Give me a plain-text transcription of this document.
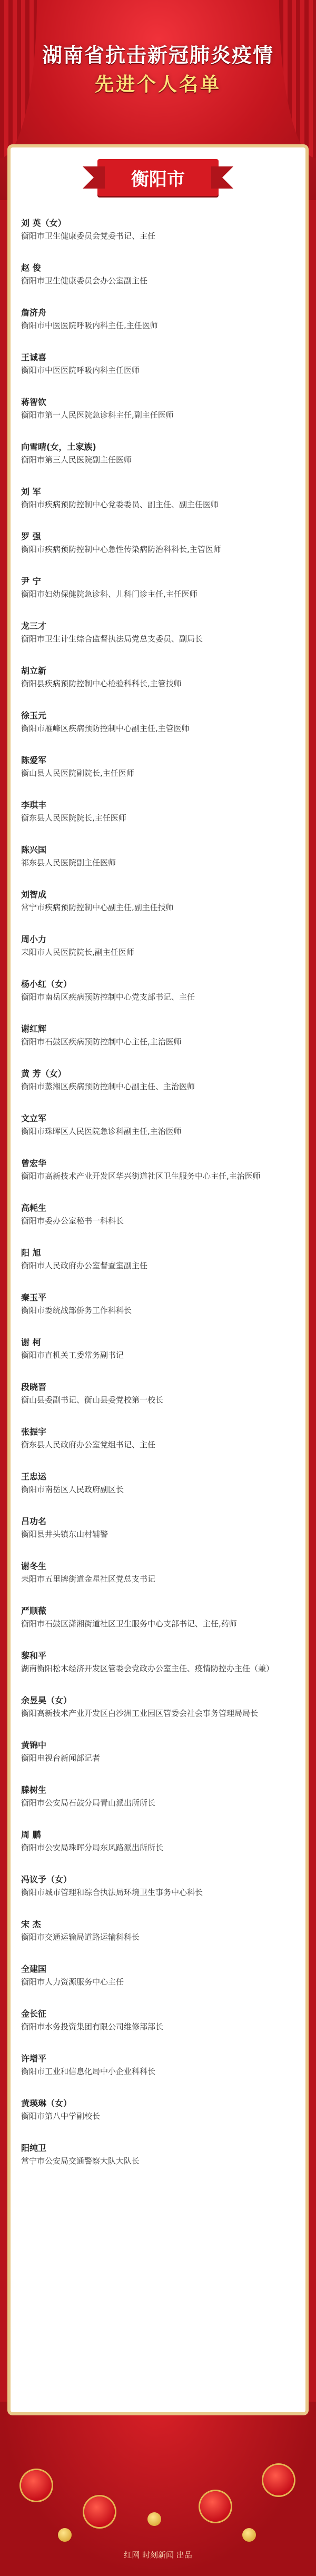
湖南省抗击新冠肺炎疫情
先进个人名单
衡阳市
刘 英（女）
衡阳市卫生健康委员会党委书记、主任
赵 俊
衡阳市卫生健康委员会办公室副主任
詹济舟
衡阳市中医医院呼吸内科主任,主任医师
王诚喜
衡阳市中医医院呼吸内科主任医师
蒋智钦
衡阳市第一人民医院急诊科主任,副主任医师
向雪晴(女，土家族)
衡阳市第三人民医院副主任医师
刘 军
衡阳市疾病预防控制中心党委委员、副主任、副主任医师
罗 强
衡阳市疾病预防控制中心急性传染病防治科科长,主管医师
尹 宁
衡阳市妇幼保健院急诊科、儿科门诊主任,主任医师
龙三才
衡阳市卫生计生综合监督执法局党总支委员、副局长
胡立新
衡阳县疾病预防控制中心检验科科长,主管技师
徐玉元
衡阳市雁峰区疾病预防控制中心副主任,主管医师
陈爱军
衡山县人民医院副院长,主任医师
李琪丰
衡东县人民医院院长,主任医师
陈兴国
祁东县人民医院副主任医师
刘智成
常宁市疾病预防控制中心副主任,副主任技师
周小力
耒阳市人民医院院长,副主任医师
杨小红（女）
衡阳市南岳区疾病预防控制中心党支部书记、主任
谢红辉
衡阳市石鼓区疾病预防控制中心主任,主治医师
黄 芳（女）
衡阳市蒸湘区疾病预防控制中心副主任、主治医师
文立军
衡阳市珠晖区人民医院急诊科副主任,主治医师
曾宏华
衡阳市高新技术产业开发区华兴街道社区卫生服务中心主任,主治医师
高耗生
衡阳市委办公室秘书一科科长
阳 旭
衡阳市人民政府办公室督查室副主任
秦玉平
衡阳市委统战部侨务工作科科长
谢 柯
衡阳市直机关工委常务副书记
段晓晋
衡山县委副书记、衡山县委党校第一校长
张振宇
衡东县人民政府办公室党组书记、主任
王忠运
衡阳市南岳区人民政府副区长
吕功名
衡阳县井头镇东山村辅警
谢冬生
耒阳市五里牌街道金星社区党总支书记
严顺薇
衡阳市石鼓区潇湘街道社区卫生服务中心支部书记、主任,药师
黎和平
湖南衡阳松木经济开发区管委会党政办公室主任、疫情防控办主任（兼）
余昱昊（女）
衡阳高新技术产业开发区白沙洲工业园区管委会社会事务管理局局长
黄锦中
衡阳电视台新闻部记者
滕树生
衡阳市公安局石鼓分局青山派出所所长
周 鹏
衡阳市公安局珠晖分局东风路派出所所长
冯议予（女）
衡阳市城市管理和综合执法局环境卫生事务中心科长
宋 杰
衡阳市交通运输局道路运输科科长
全建国
衡阳市人力资源服务中心主任
金长征
衡阳市水务投资集团有限公司维修部部长
许增平
衡阳市工业和信息化局中小企业科科长
黄瑛琳（女）
衡阳市第八中学副校长
阳纯卫
常宁市公安局交通警察大队大队长
红网 时刻新闻 出品
